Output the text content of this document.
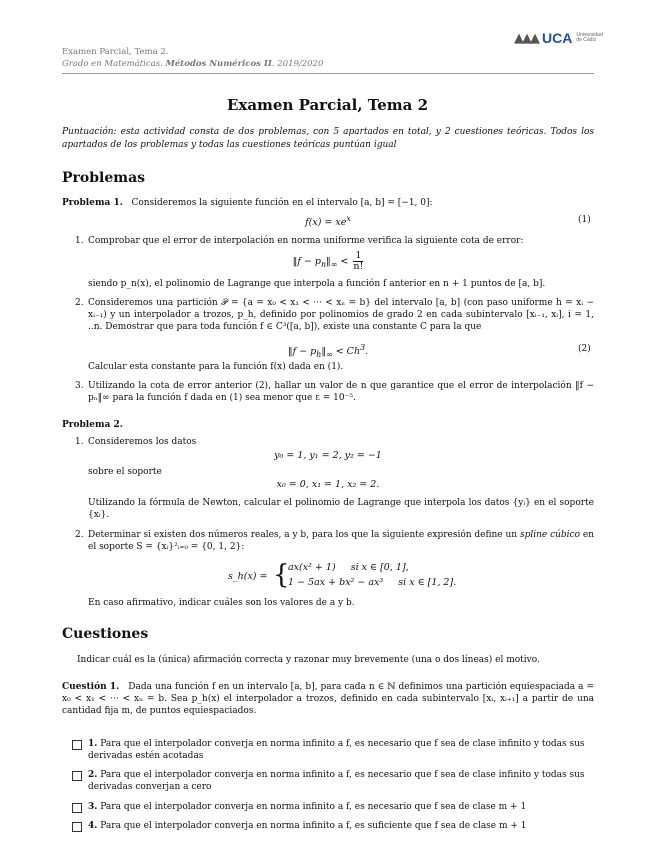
Examen Parcial, Tema 2.
Grado en Matemáticas. Métodos Numéricos II. 2019/2020
▲▲▲ UCA Universidad
de Cádiz
Examen Parcial, Tema 2
Puntuación: esta actividad consta de dos problemas, con 5 apartados en total, y 2 cuestiones teóricas. Todos los apartados de los problemas y todas las cuestiones teóricas puntúan igual
Problemas
Problema 1. Consideremos la siguiente función en el intervalo [a, b] = [−1, 0]:
$f(x) = xe^x$	(1)
1. Comprobar que el error de interpolación en norma uniforme verifica la siguiente cota de error:
‖f − $p_n‖_\infty < \frac{1}{n!}$
siendo p_n(x), el polinomio de Lagrange que interpola a función f anterior en n + 1 puntos de [a, b].
2. Consideremos una partición 𝒫 = {a = x₀ < x₁ < ··· < xₙ = b} del intervalo [a, b] (con paso uniforme h = xᵢ − xᵢ₋₁) y un interpolador a trozos, p_h, definido por polinomios de grado 2 en cada subintervalo [xᵢ₋₁, xᵢ], i = 1, ..n. Demostrar que para toda función f ∈ C³([a, b]), existe una constante C para la que
‖f − $p_h‖_\infty < Ch^3$.	(2)
Calcular esta constante para la función f(x) dada en (1).
3. Utilizando la cota de error anterior (2), hallar un valor de n que garantice que el error de interpolación ‖f − pₙ‖∞ para la función f dada en (1) sea menor que ε = 10⁻⁵.
Problema 2.
1. Consideremos los datos
y₀ = 1, y₁ = 2, y₂ = −1
sobre el soporte
x₀ = 0, x₁ = 1, x₂ = 2.
Utilizando la fórmula de Newton, calcular el polinomio de Lagrange que interpola los datos {yᵢ} en el soporte {xᵢ}.
2. Determinar si existen dos números reales, a y b, para los que la siguiente expresión define un spline cúbico en el soporte S = {xᵢ}²ᵢ₌₀ = {0, 1, 2}:
s_h(x) = {
ax(x² + 1)     si x ∈ [0, 1],
1 − 5ax + bx² − ax³     si x ∈ [1, 2].
En caso afirmativo, indicar cuáles son los valores de a y b.
Cuestiones
Indicar cuál es la (única) afirmación correcta y razonar muy brevemente (una o dos líneas) el motivo.
Cuestión 1. Dada una función f en un intervalo [a, b], para cada n ∈ ℕ definimos una partición equiespaciada a = x₀ < x₁ < ··· < xₙ = b. Sea p_h(x) el interpolador a trozos, definido en cada subintervalo [xᵢ, xᵢ₊₁] a partir de una cantidad fija m, de puntos equiespaciados.
1. Para que el interpolador converja en norma infinito a f, es necesario que f sea de clase infinito y todas sus derivadas estén acotadas
2. Para que el interpolador converja en norma infinito a f, es necesario que f sea de clase infinito y todas sus derivadas converjan a cero
3. Para que el interpolador converja en norma infinito a f, es necesario que f sea de clase m + 1
4. Para que el interpolador converja en norma infinito a f, es suficiente que f sea de clase m + 1
